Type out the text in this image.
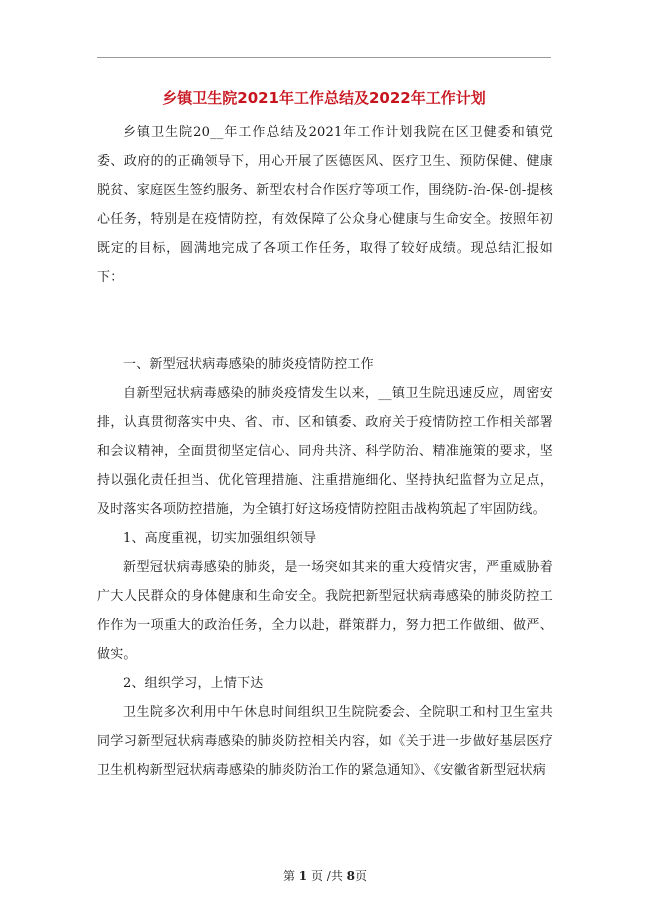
乡镇卫生院2021年工作总结及2022年工作计划

乡镇卫生院20__年工作总结及2021年工作计划我院在区卫健委和镇党委、政府的的正确领导下，用心开展了医德医风、医疗卫生、预防保健、健康脱贫、家庭医生签约服务、新型农村合作医疗等项工作，围绕防-治-保-创-提核心任务，特别是在疫情防控，有效保障了公众身心健康与生命安全。按照年初既定的目标，圆满地完成了各项工作任务，取得了较好成绩。现总结汇报如下：

一、新型冠状病毒感染的肺炎疫情防控工作

自新型冠状病毒感染的肺炎疫情发生以来，__镇卫生院迅速反应，周密安排，认真贯彻落实中央、省、市、区和镇委、政府关于疫情防控工作相关部署和会议精神，全面贯彻坚定信心、同舟共济、科学防治、精准施策的要求，坚持以强化责任担当、优化管理措施、注重措施细化、坚持执纪监督为立足点，及时落实各项防控措施，为全镇打好这场疫情防控阻击战构筑起了牢固防线。

1、高度重视，切实加强组织领导

新型冠状病毒感染的肺炎，是一场突如其来的重大疫情灾害，严重威胁着广大人民群众的身体健康和生命安全。我院把新型冠状病毒感染的肺炎防控工作作为一项重大的政治任务，全力以赴，群策群力，努力把工作做细、做严、做实。

2、组织学习，上情下达

卫生院多次利用中午休息时间组织卫生院院委会、全院职工和村卫生室共同学习新型冠状病毒感染的肺炎防控相关内容，如《关于进一步做好基层医疗卫生机构新型冠状病毒感染的肺炎防治工作的紧急通知》、《安徽省新型冠状病

第 1 页 /共 8页
